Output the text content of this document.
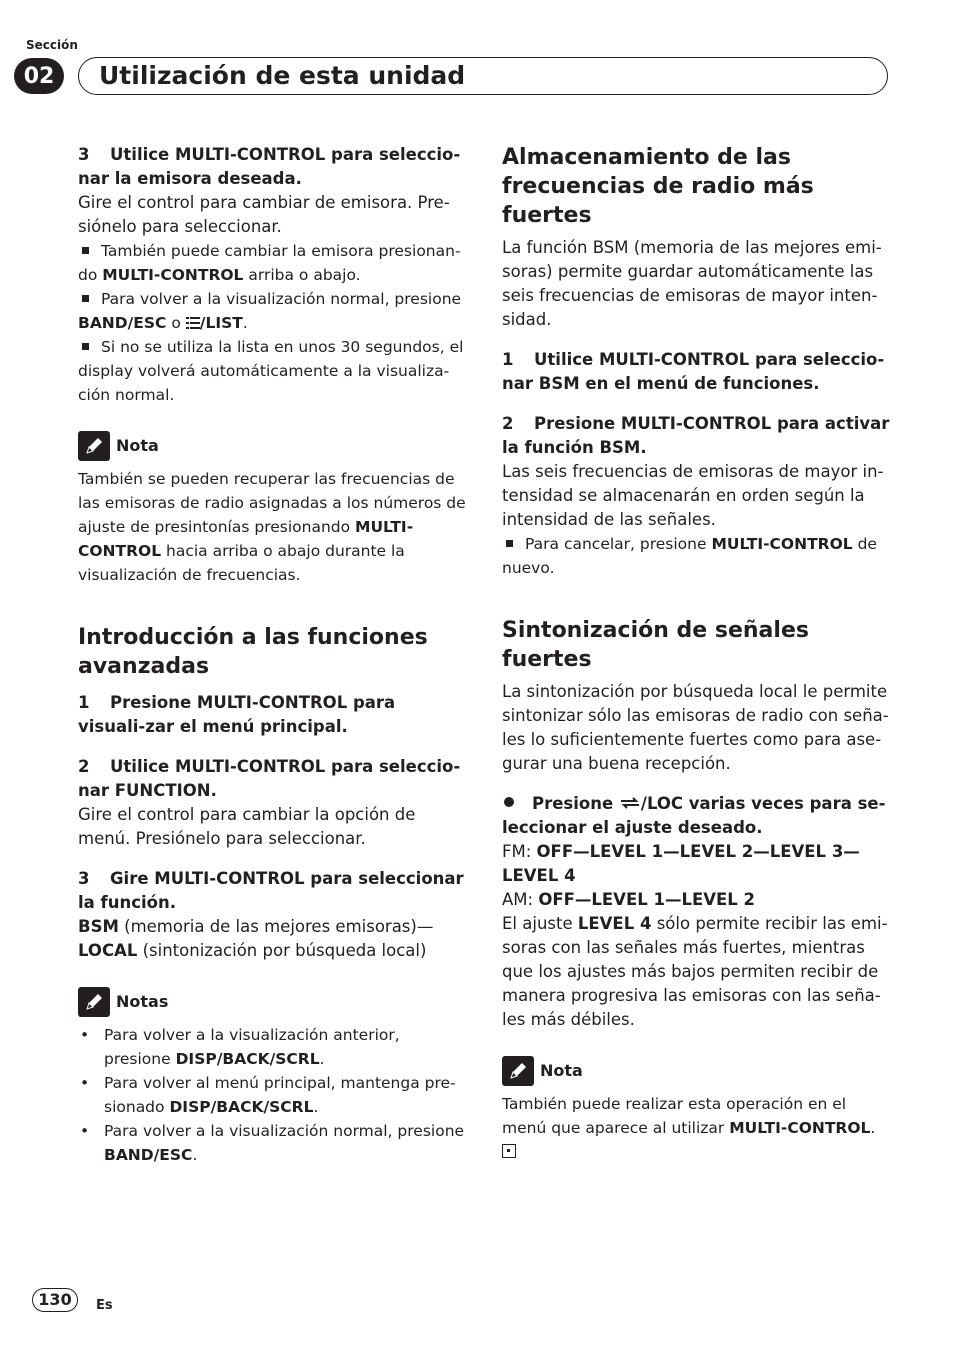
Sección
02	Utilización de esta unidad

3 Utilice MULTI-CONTROL para seleccio-nar la emisora deseada.

Gire el control para cambiar de emisora. Pre-siónelo para seleccionar.

También puede cambiar la emisora presionan-do MULTI-CONTROL arriba o abajo.

Para volver a la visualización normal, presione BAND/ESC o /LIST.

Si no se utiliza la lista en unos 30 segundos, el display volverá automáticamente a la visualiza-ción normal.

Nota

También se pueden recuperar las frecuencias de las emisoras de radio asignadas a los números de ajuste de presintonías presionando MULTI-CONTROL hacia arriba o abajo durante la visualización de frecuencias.

Introducción a las funciones avanzadas

1 Presione MULTI-CONTROL para visuali-zar el menú principal.

2 Utilice MULTI-CONTROL para seleccio-nar FUNCTION.

Gire el control para cambiar la opción de menú. Presiónelo para seleccionar.

3 Gire MULTI-CONTROL para seleccionar la función.

BSM (memoria de las mejores emisoras)—LOCAL (sintonización por búsqueda local)

Notas
• Para volver a la visualización anterior, presione DISP/BACK/SCRL.
• Para volver al menú principal, mantenga pre-sionado DISP/BACK/SCRL.
• Para volver a la visualización normal, presione BAND/ESC.
Almacenamiento de las frecuencias de radio más fuertes

La función BSM (memoria de las mejores emi-soras) permite guardar automáticamente las seis frecuencias de emisoras de mayor inten-sidad.

1 Utilice MULTI-CONTROL para seleccio-nar BSM en el menú de funciones.

2 Presione MULTI-CONTROL para activar la función BSM.

Las seis frecuencias de emisoras de mayor in-tensidad se almacenarán en orden según la intensidad de las señales.

Para cancelar, presione MULTI-CONTROL de nuevo.

Sintonización de señales fuertes

La sintonización por búsqueda local le permite sintonizar sólo las emisoras de radio con seña-les lo suficientemente fuertes como para ase-gurar una buena recepción.

Presione /LOC varias veces para se-leccionar el ajuste deseado.

FM: OFF—LEVEL 1—LEVEL 2—LEVEL 3—LEVEL 4

AM: OFF—LEVEL 1—LEVEL 2

El ajuste LEVEL 4 sólo permite recibir las emi-soras con las señales más fuertes, mientras que los ajustes más bajos permiten recibir de manera progresiva las emisoras con las seña-les más débiles.

Nota

También puede realizar esta operación en el menú que aparece al utilizar MULTI-CONTROL.

130	Es
